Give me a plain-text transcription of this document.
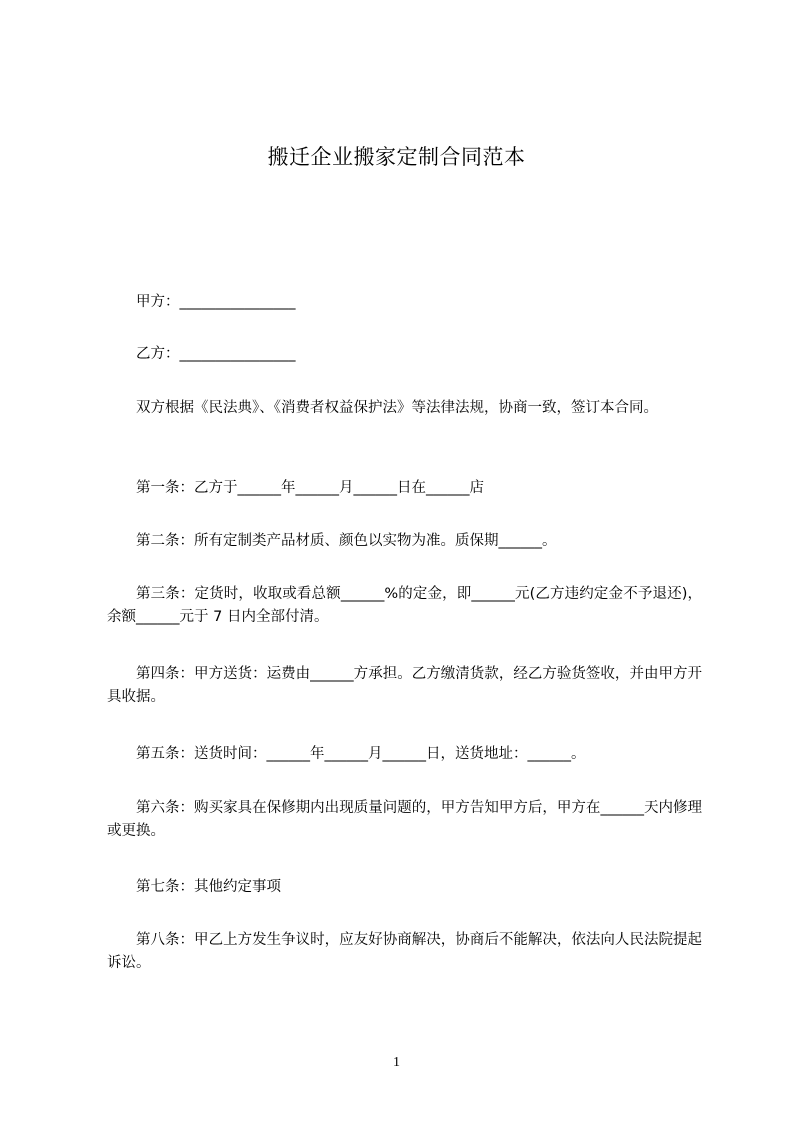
搬迁企业搬家定制合同范本

甲方：________________

乙方：________________

双方根据《民法典》、《消费者权益保护法》等法律法规，协商一致，签订本合同。

第一条：乙方于______年______月______日在______店

第二条：所有定制类产品材质、颜色以实物为准。质保期______。

第三条：定货时，收取或看总额______%的定金，即______元(乙方违约定金不予退还)，余额______元于 7 日内全部付清。

第四条：甲方送货：运费由______方承担。乙方缴清货款，经乙方验货签收，并由甲方开具收据。

第五条：送货时间：______年______月______日，送货地址：______。

第六条：购买家具在保修期内出现质量问题的，甲方告知甲方后，甲方在______天内修理或更换。

第七条：其他约定事项

第八条：甲乙上方发生争议时，应友好协商解决，协商后不能解决，依法向人民法院提起诉讼。

1
